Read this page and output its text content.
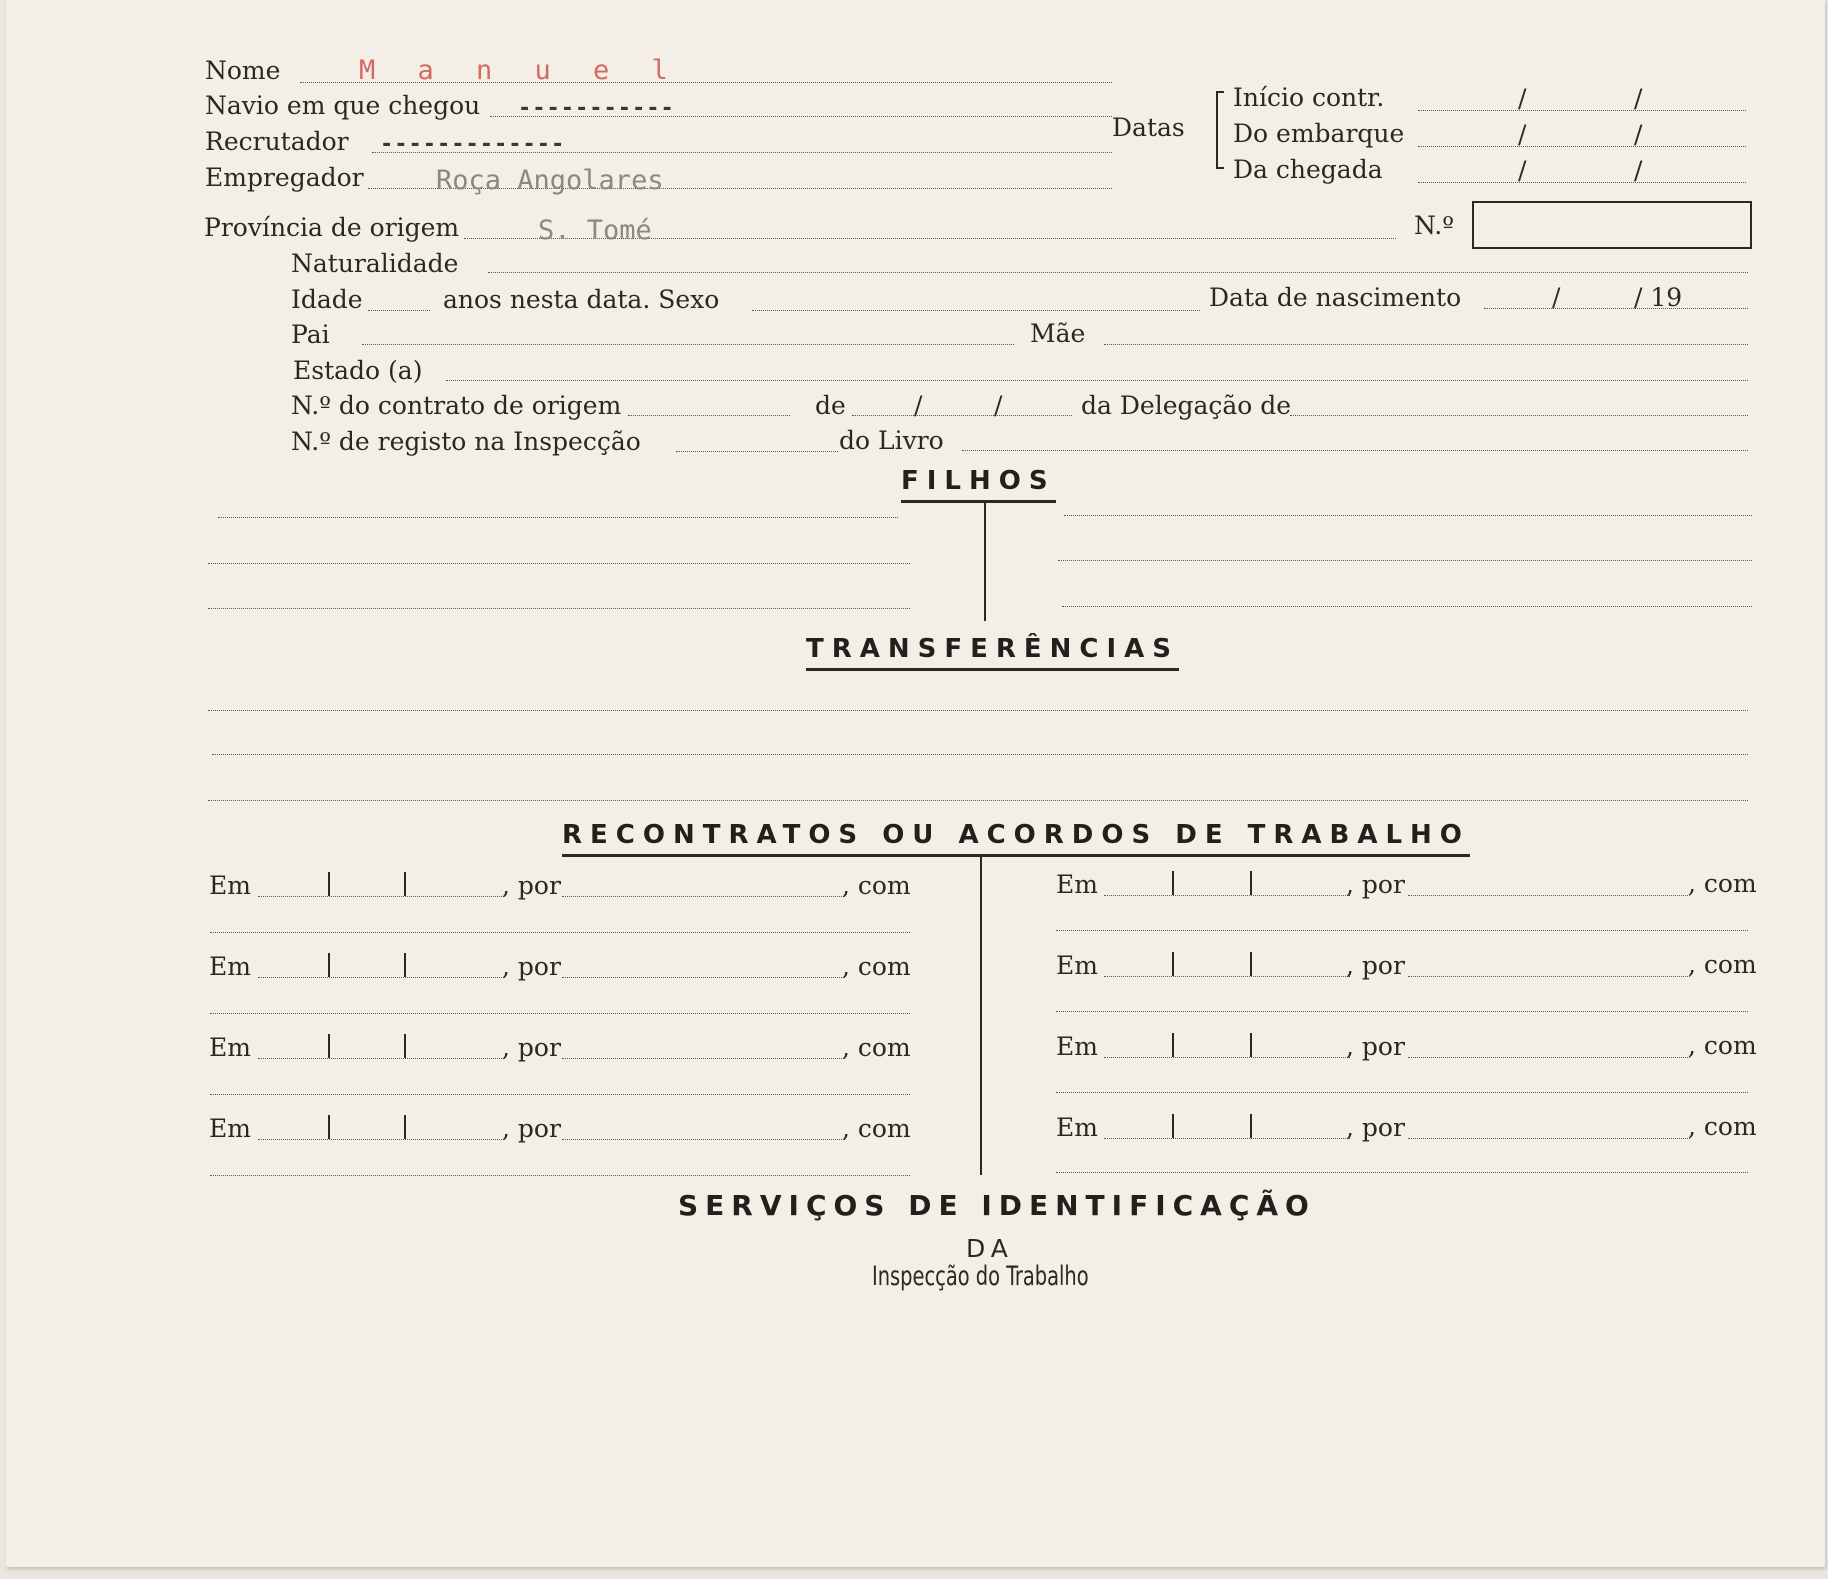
Nome	M a n u e l
Navio em que chegou -----------
Recrutador -------------
Empregador	Roça Angolares
Datas
Início contr.	/	/
Do embarque	/	/
Da chegada	/	/
Província de origem	S. Tomé	N.º
Naturalidade
Idade	anos nesta data. Sexo	Data de nascimento	/	/ 19
Pai	Mãe
Estado (a)
N.º do contrato de origem	de	/	/	da Delegação de
N.º de registo na Inspecção	do Livro
FILHOS
TRANSFERÊNCIAS
RECONTRATOS OU ACORDOS DE TRABALHO
Em	, por	, com
Em	, por	, com
Em	, por	, com
Em	, por	, com
Em	, por	, com
Em	, por	, com
Em	, por	, com
Em	, por	, com
SERVIÇOS DE IDENTIFICAÇÃO
DA
Inspecção do Trabalho
